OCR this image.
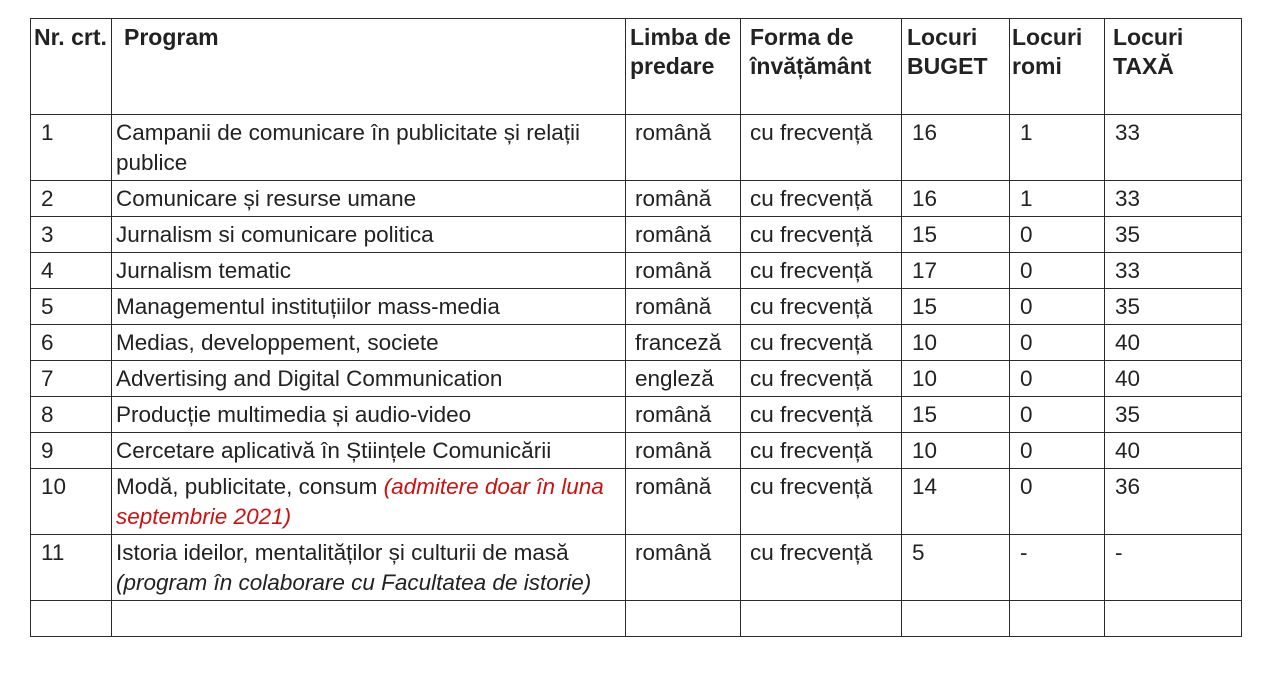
Nr. crt.	Program	Limba de predare	Forma de învățământ	Locuri BUGET	Locuri romi	Locuri TAXĂ
1	Campanii de comunicare în publicitate și relații publice	română	cu frecvență	16	1	33
2	Comunicare și resurse umane	română	cu frecvență	16	1	33
3	Jurnalism si comunicare politica	română	cu frecvență	15	0	35
4	Jurnalism tematic	română	cu frecvență	17	0	33
5	Managementul instituțiilor mass-media	română	cu frecvență	15	0	35
6	Medias, developpement, societe	franceză	cu frecvență	10	0	40
7	Advertising and Digital Communication	engleză	cu frecvență	10	0	40
8	Producție multimedia și audio-video	română	cu frecvență	15	0	35
9	Cercetare aplicativă în Științele Comunicării	română	cu frecvență	10	0	40
10	Modă, publicitate, consum (admitere doar în luna septembrie 2021)	română	cu frecvență	14	0	36
11	Istoria ideilor, mentalităților și culturii de masă (program în colaborare cu Facultatea de istorie)	română	cu frecvență	5	-	-
